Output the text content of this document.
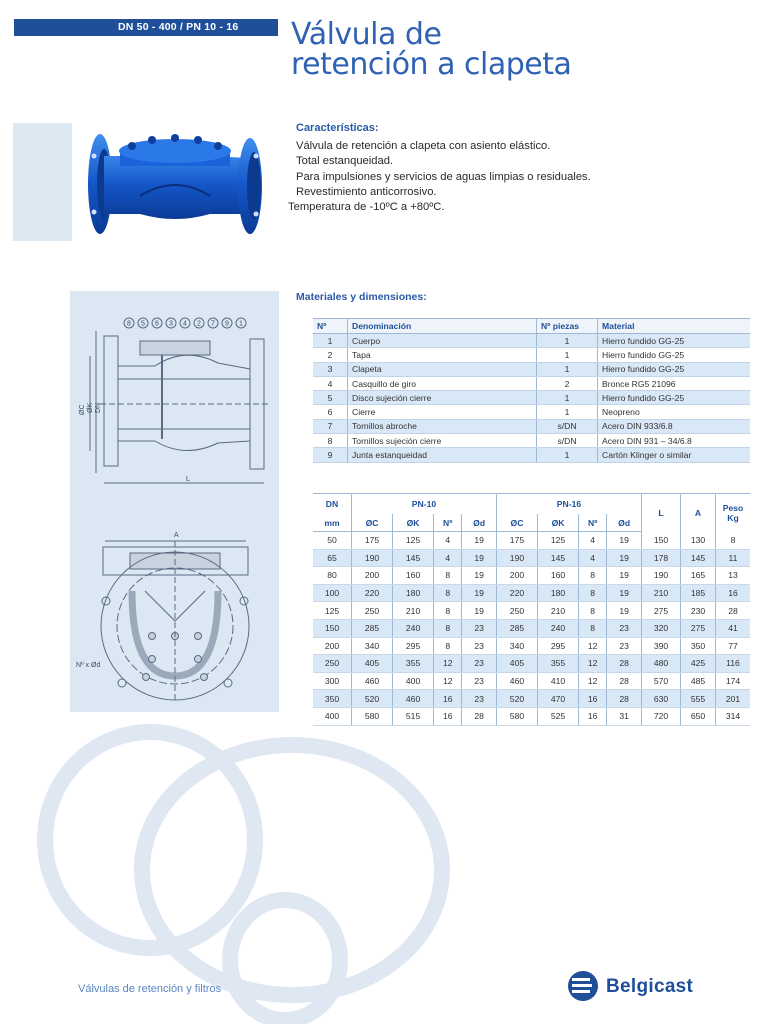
DN 50 - 400 / PN 10 - 16 Válvula de
retención a clapeta
Características:
Válvula de retención a clapeta con asiento elástico.
Total estanqueidad.
Para impulsiones y servicios de aguas limpias o residuales.
Revestimiento anticorrosivo.
Temperatura de -10ºC a +80ºC.
8 5 6 3 4 2 7 9 1
L
A
ØC ØK DN
Nº x Ød
Materiales y dimensiones:
Nº	Denominación	Nº piezas	Material
1	Cuerpo	1	Hierro fundido GG-25
2	Tapa	1	Hierro fundido GG-25
3	Clapeta	1	Hierro fundido GG-25
4	Casquillo de giro	2	Bronce RG5 21096
5	Disco sujeción cierre	1	Hierro fundido GG-25
6	Cierre	1	Neopreno
7	Tornillos abroche	s/DN	Acero DIN 933/6.8
8	Tornillos sujeción cierre	s/DN	Acero DIN 931 – 34/6.8
9	Junta estanqueidad	1	Cartón Klinger o similar
DN	PN-10				PN-16				L	A	Peso
Kg
mm	ØC	ØK	Nº	Ød	ØC	ØK	Nº	Ød			
50	175	125	4	19	175	125	4	19	150	130	8
65	190	145	4	19	190	145	4	19	178	145	11
80	200	160	8	19	200	160	8	19	190	165	13
100	220	180	8	19	220	180	8	19	210	185	16
125	250	210	8	19	250	210	8	19	275	230	28
150	285	240	8	23	285	240	8	23	320	275	41
200	340	295	8	23	340	295	12	23	390	350	77
250	405	355	12	23	405	355	12	28	480	425	116
300	460	400	12	23	460	410	12	28	570	485	174
350	520	460	16	23	520	470	16	28	630	555	201
400	580	515	16	28	580	525	16	31	720	650	314
Válvulas de retención y filtros	Belgicast
